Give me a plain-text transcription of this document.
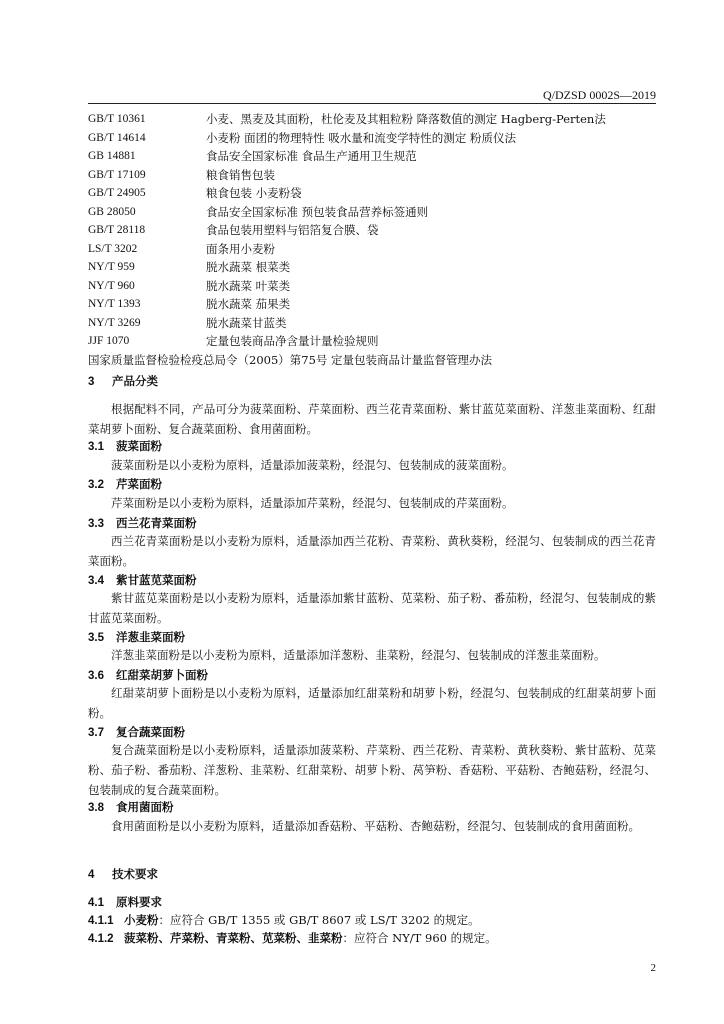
Q/DZSD 0002S—2019
GB/T 10361	小麦、黑麦及其面粉，杜伦麦及其粗粒粉 降落数值的测定 Hagberg-Perten法
GB/T 14614	小麦粉 面团的物理特性 吸水量和流变学特性的测定 粉质仪法
GB 14881	食品安全国家标准 食品生产通用卫生规范
GB/T 17109	粮食销售包装
GB/T 24905	粮食包装 小麦粉袋
GB 28050	食品安全国家标准 预包装食品营养标签通则
GB/T 28118	食品包装用塑料与铝箔复合膜、袋
LS/T 3202	面条用小麦粉
NY/T 959	脱水蔬菜 根菜类
NY/T 960	脱水蔬菜 叶菜类
NY/T 1393	脱水蔬菜 茄果类
NY/T 3269	脱水蔬菜甘蓝类
JJF 1070	定量包装商品净含量计量检验规则
国家质量监督检验检疫总局令（2005）第75号 定量包装商品计量监督管理办法
3 产品分类
根据配料不同，产品可分为菠菜面粉、芹菜面粉、西兰花青菜面粉、紫甘蓝苋菜面粉、洋葱韭菜面粉、红甜菜胡萝卜面粉、复合蔬菜面粉、食用菌面粉。
3.1 菠菜面粉
菠菜面粉是以小麦粉为原料，适量添加菠菜粉，经混匀、包装制成的菠菜面粉。
3.2 芹菜面粉
芹菜面粉是以小麦粉为原料，适量添加芹菜粉，经混匀、包装制成的芹菜面粉。
3.3 西兰花青菜面粉
西兰花青菜面粉是以小麦粉为原料，适量添加西兰花粉、青菜粉、黄秋葵粉，经混匀、包装制成的西兰花青菜面粉。
3.4 紫甘蓝苋菜面粉
紫甘蓝苋菜面粉是以小麦粉为原料，适量添加紫甘蓝粉、苋菜粉、茄子粉、番茄粉，经混匀、包装制成的紫甘蓝苋菜面粉。
3.5 洋葱韭菜面粉
洋葱韭菜面粉是以小麦粉为原料，适量添加洋葱粉、韭菜粉，经混匀、包装制成的洋葱韭菜面粉。
3.6 红甜菜胡萝卜面粉
红甜菜胡萝卜面粉是以小麦粉为原料，适量添加红甜菜粉和胡萝卜粉，经混匀、包装制成的红甜菜胡萝卜面粉。
3.7 复合蔬菜面粉
复合蔬菜面粉是以小麦粉原料，适量添加菠菜粉、芹菜粉、西兰花粉、青菜粉、黄秋葵粉、紫甘蓝粉、苋菜粉、茄子粉、番茄粉、洋葱粉、韭菜粉、红甜菜粉、胡萝卜粉、莴笋粉、香菇粉、平菇粉、杏鲍菇粉，经混匀、包装制成的复合蔬菜面粉。
3.8 食用菌面粉
食用菌面粉是以小麦粉为原料，适量添加香菇粉、平菇粉、杏鲍菇粉，经混匀、包装制成的食用菌面粉。
4 技术要求
4.1 原料要求
4.1.1 小麦粉：应符合 GB/T 1355 或 GB/T 8607 或 LS/T 3202 的规定。
4.1.2 菠菜粉、芹菜粉、青菜粉、苋菜粉、韭菜粉：应符合 NY/T 960 的规定。
2
